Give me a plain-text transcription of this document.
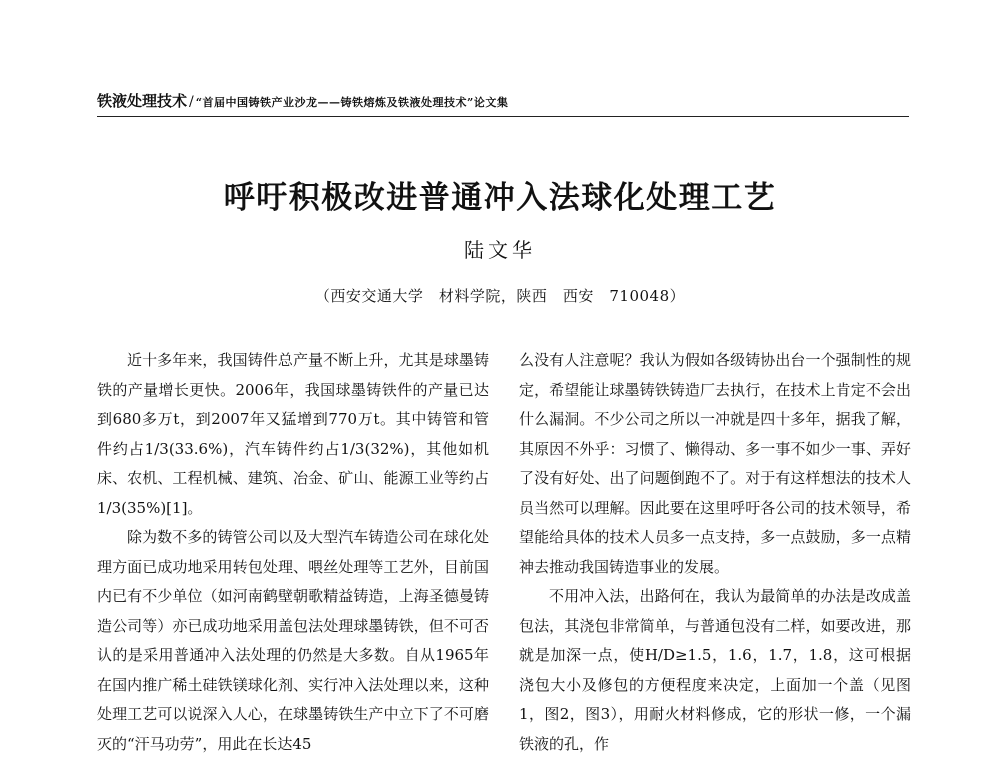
铁液处理技术 / “首届中国铸铁产业沙龙——铸铁熔炼及铁液处理技术”论文集
呼吁积极改进普通冲入法球化处理工艺
陆文华
（西安交通大学　材料学院，陕西　西安　710048）

近十多年来，我国铸件总产量不断上升，尤其是球墨铸铁的产量增长更快。2006年，我国球墨铸铁件的产量已达到680多万t，到2007年又猛增到770万t。其中铸管和管件约占1/3(33.6%)，汽车铸件约占1/3(32%)，其他如机床、农机、工程机械、建筑、冶金、矿山、能源工业等约占1/3(35%)[1]。

除为数不多的铸管公司以及大型汽车铸造公司在球化处理方面已成功地采用转包处理、喂丝处理等工艺外，目前国内已有不少单位（如河南鹤壁朝歌精益铸造，上海圣德曼铸造公司等）亦已成功地采用盖包法处理球墨铸铁，但不可否认的是采用普通冲入法处理的仍然是大多数。自从1965年在国内推广稀土硅铁镁球化剂、实行冲入法处理以来，这种处理工艺可以说深入人心，在球墨铸铁生产中立下了不可磨灭的“汗马功劳”，用此在长达45

么没有人注意呢？我认为假如各级铸协出台一个强制性的规定，希望能让球墨铸铁铸造厂去执行，在技术上肯定不会出什么漏洞。不少公司之所以一冲就是四十多年，据我了解，其原因不外乎：习惯了、懒得动、多一事不如少一事、弄好了没有好处、出了问题倒跑不了。对于有这样想法的技术人员当然可以理解。因此要在这里呼吁各公司的技术领导，希望能给具体的技术人员多一点支持，多一点鼓励，多一点精神去推动我国铸造事业的发展。

不用冲入法，出路何在，我认为最简单的办法是改成盖包法，其浇包非常简单，与普通包没有二样，如要改进，那就是加深一点，使H/D≥1.5，1.6，1.7，1.8，这可根据浇包大小及修包的方便程度来决定，上面加一个盖（见图1，图2，图3），用耐火材料修成，它的形状一修，一个漏铁液的孔，作
